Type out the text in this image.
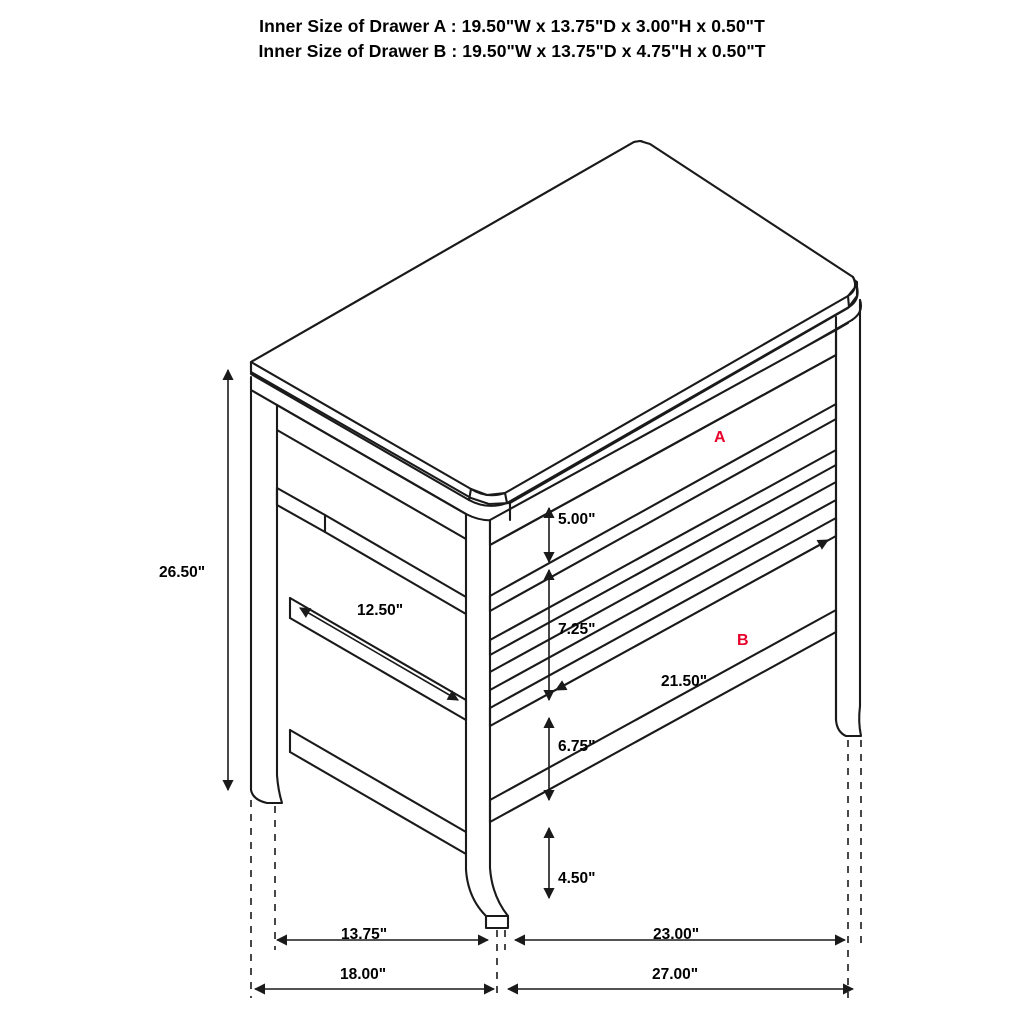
Inner Size of Drawer A : 19.50"W x 13.75"D x 3.00"H x 0.50"T
Inner Size of Drawer B : 19.50"W x 13.75"D x 4.75"H x 0.50"T
A
B
26.50"
5.00"
7.25"
6.75"
4.50"
12.50"
21.50"
13.75"	23.00"
18.00"	27.00"
